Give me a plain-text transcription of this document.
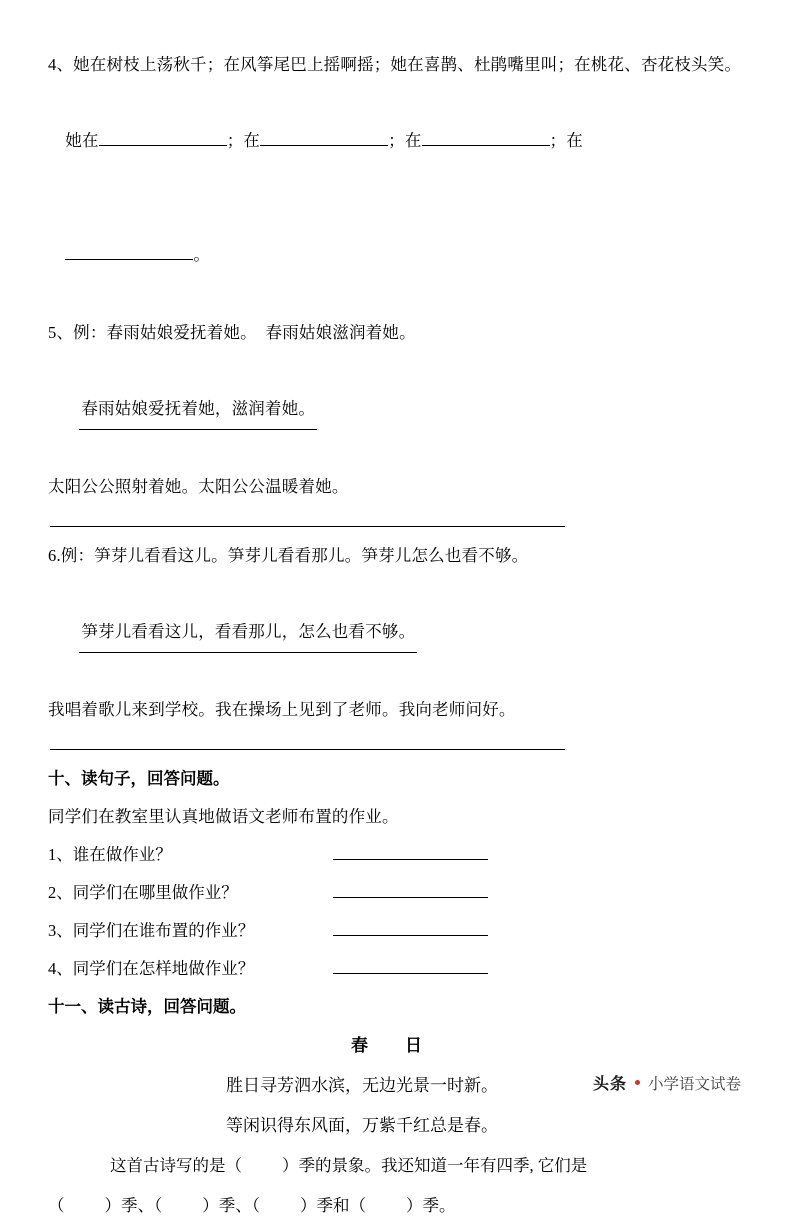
4、她在树枝上荡秋千；在风筝尾巴上摇啊摇；她在喜鹊、杜鹃嘴里叫；在桃花、杏花枝头笑。

她在	；在	；在	；在

。

5、例：春雨姑娘爱抚着她。  春雨姑娘滋润着她。

春雨姑娘爱抚着她，滋润着她。

太阳公公照射着她。太阳公公温暖着她。
6.例：笋芽儿看看这儿。笋芽儿看看那儿。笋芽儿怎么也看不够。

笋芽儿看看这儿，看看那儿，怎么也看不够。

我唱着歌儿来到学校。我在操场上见到了老师。我向老师问好。
十、读句子，回答问题。
同学们在教室里认真地做语文老师布置的作业。
1、谁在做作业？
2、同学们在哪里做作业？
3、同学们在谁布置的作业？
4、同学们在怎样地做作业？
十一、读古诗，回答问题。
春　日
胜日寻芳泗水滨，无边光景一时新。
等闲识得东风面，万紫千红总是春。
这首古诗写的是（ ）季的景象。我还知道一年有四季, 它们是
（ ）季、（ ）季、（ ）季和（ ）季。
头条 小学语文试卷
